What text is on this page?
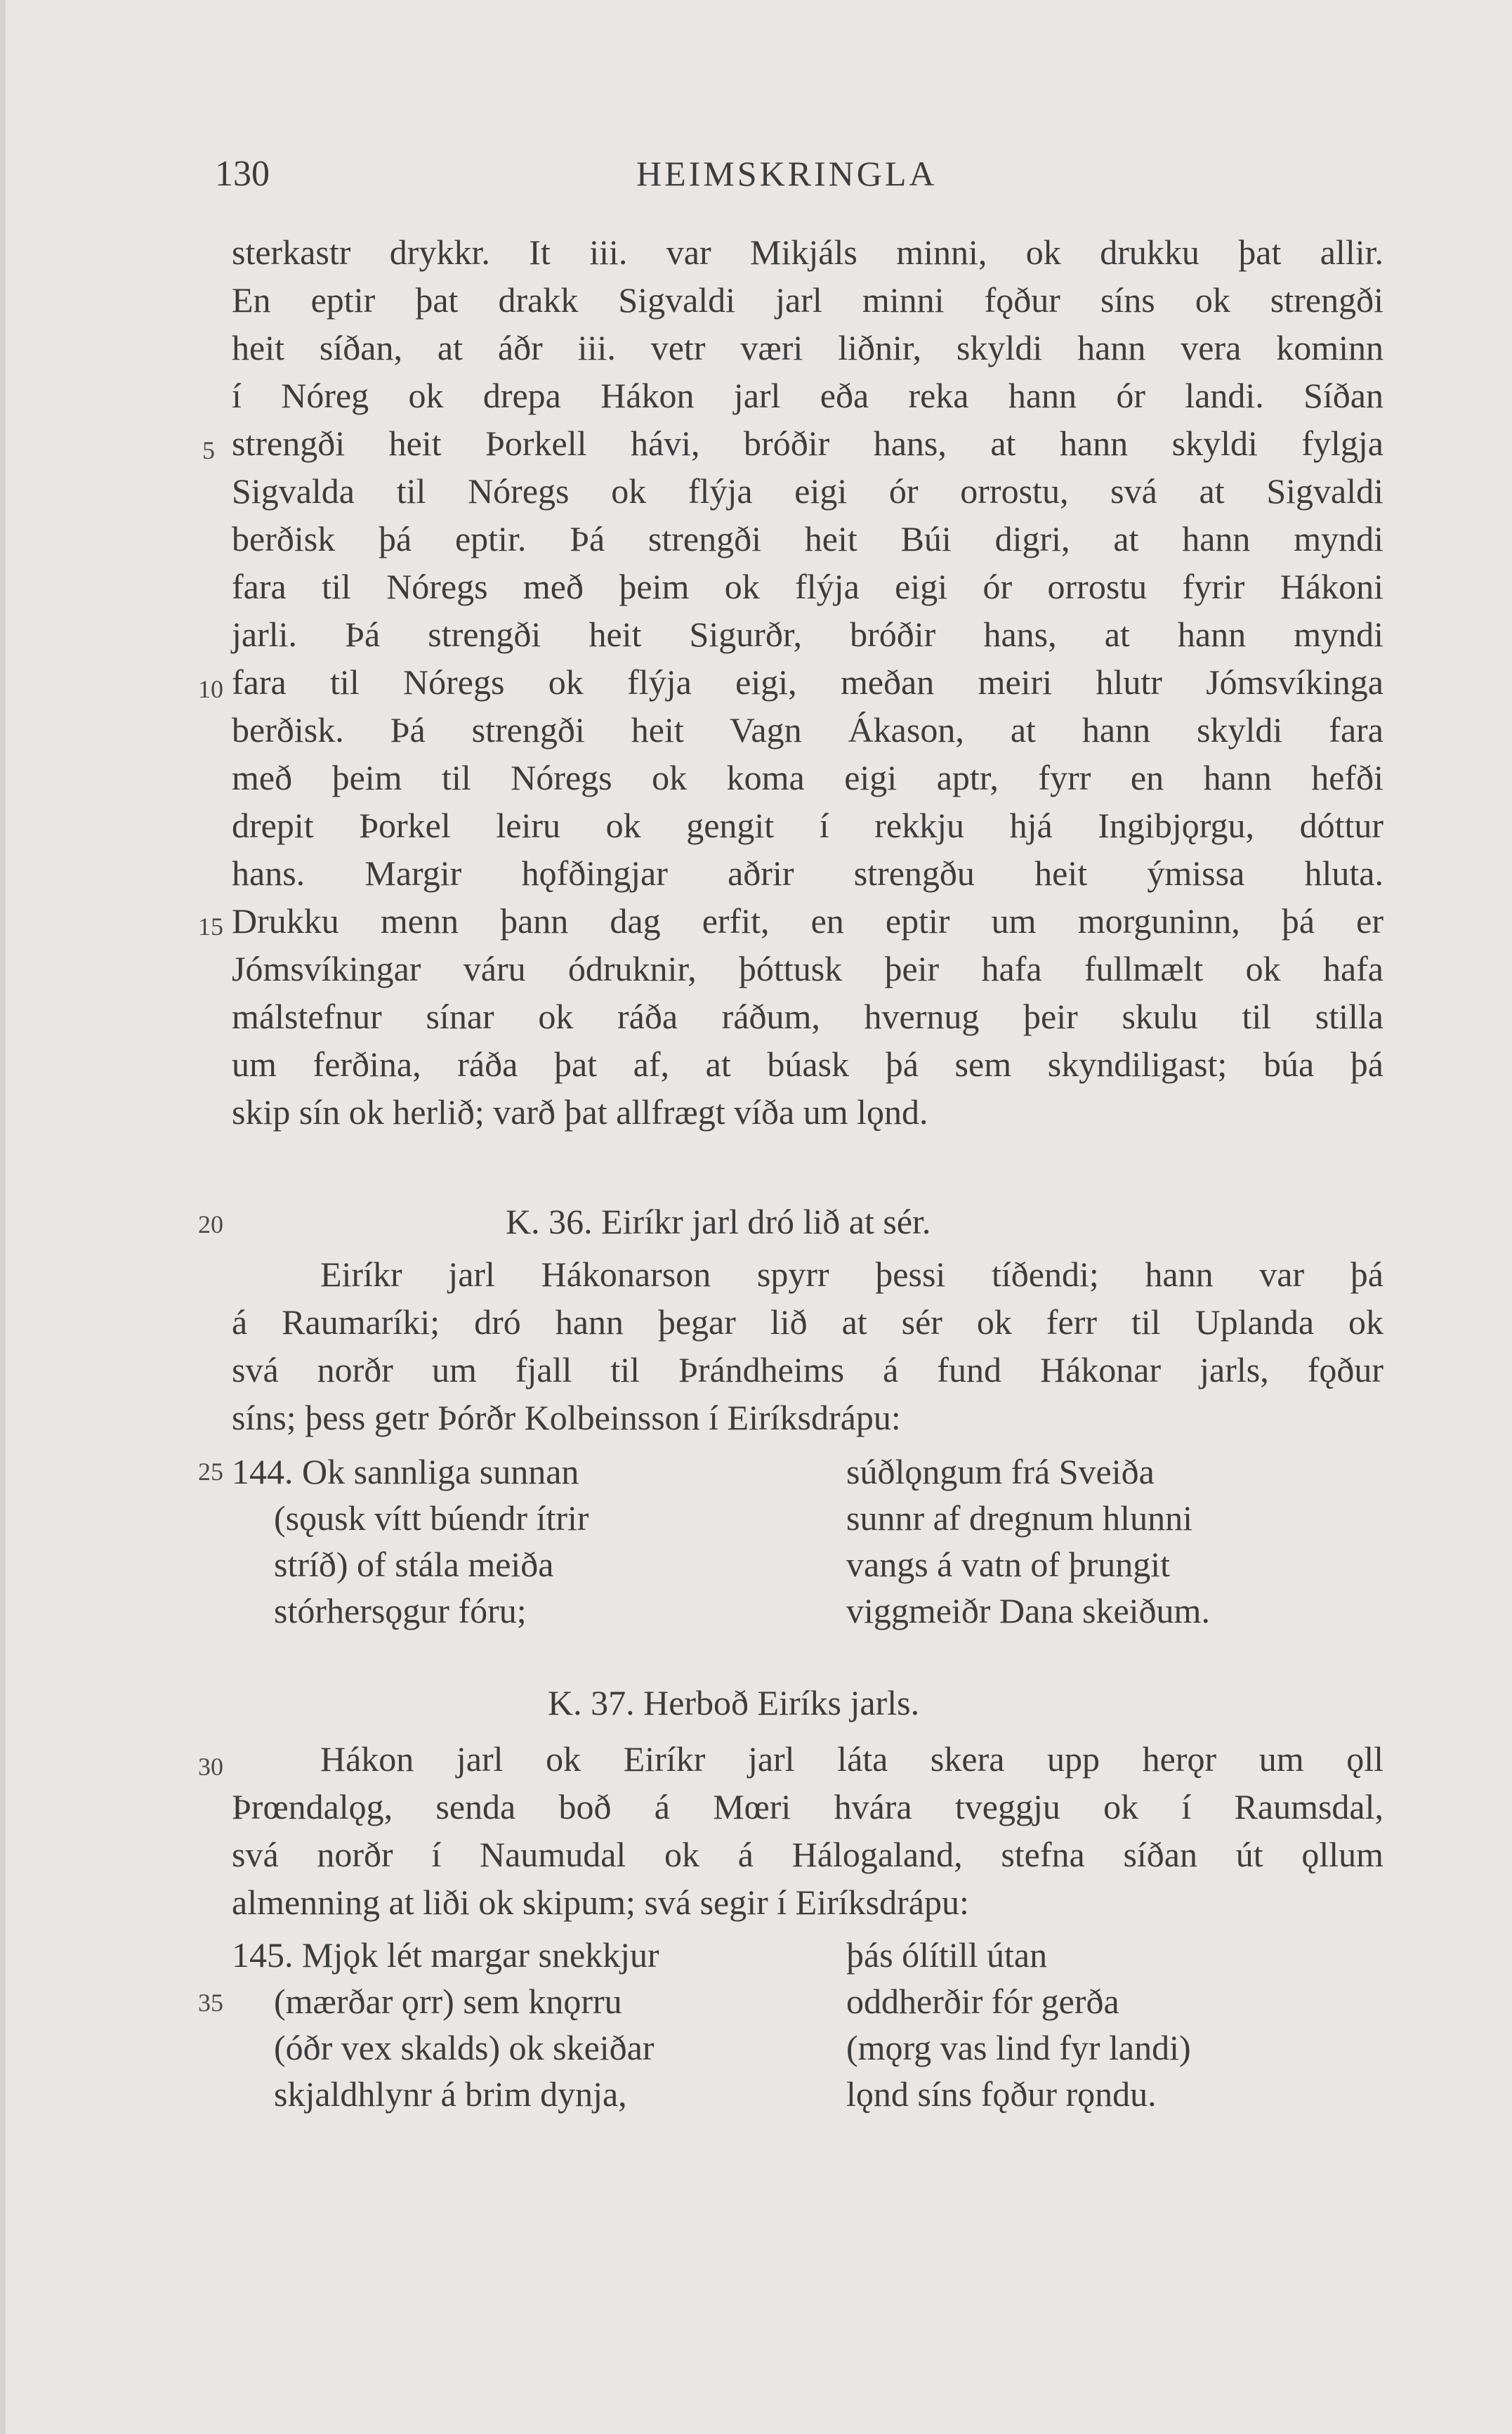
130	HEIMSKRINGLA
sterkastr drykkr. It iii. var Mikjáls minni, ok drukku þat allir.
En eptir þat drakk Sigvaldi jarl minni fǫður síns ok strengði
heit síðan, at áðr iii. vetr væri liðnir, skyldi hann vera kominn
í Nóreg ok drepa Hákon jarl eða reka hann ór landi. Síðan
strengði heit Þorkell hávi, bróðir hans, at hann skyldi fylgja
Sigvalda til Nóregs ok flýja eigi ór orrostu, svá at Sigvaldi
berðisk þá eptir. Þá strengði heit Búi digri, at hann myndi
fara til Nóregs með þeim ok flýja eigi ór orrostu fyrir Hákoni
jarli. Þá strengði heit Sigurðr, bróðir hans, at hann myndi
fara til Nóregs ok flýja eigi, meðan meiri hlutr Jómsvíkinga
berðisk. Þá strengði heit Vagn Ákason, at hann skyldi fara
með þeim til Nóregs ok koma eigi aptr, fyrr en hann hefði
drepit Þorkel leiru ok gengit í rekkju hjá Ingibjǫrgu, dóttur
hans. Margir hǫfðingjar aðrir strengðu heit ýmissa hluta.
Drukku menn þann dag erfit, en eptir um morguninn, þá er
Jómsvíkingar váru ódruknir, þóttusk þeir hafa fullmælt ok hafa
málstefnur sínar ok ráða ráðum, hvernug þeir skulu til stilla
um ferðina, ráða þat af, at búask þá sem skyndiligast; búa þá
skip sín ok herlið; varð þat allfrægt víða um lǫnd.
K. 36. Eiríkr jarl dró lið at sér.
Eiríkr jarl Hákonarson spyrr þessi tíðendi; hann var þá
á Raumaríki; dró hann þegar lið at sér ok ferr til Uplanda ok
svá norðr um fjall til Þrándheims á fund Hákonar jarls, fǫður
síns; þess getr Þórðr Kolbeinsson í Eiríksdrápu:
144. Ok sannliga sunnan
(sǫusk vítt búendr ítrir
stríð) of stála meiða
stórhersǫgur fóru;
súðlǫngum frá Sveiða
sunnr af dregnum hlunni
vangs á vatn of þrungit
viggmeiðr Dana skeiðum.
K. 37. Herboð Eiríks jarls.
Hákon jarl ok Eiríkr jarl láta skera upp herǫr um ǫll
Þrœndalǫg, senda boð á Mœri hvára tveggju ok í Raumsdal,
svá norðr í Naumudal ok á Hálogaland, stefna síðan út ǫllum
almenning at liði ok skipum; svá segir í Eiríksdrápu:
145. Mjǫk lét margar snekkjur
(mærðar ǫrr) sem knǫrru
(óðr vex skalds) ok skeiðar
skjaldhlynr á brim dynja,
þás ólítill útan
oddherðir fór gerða
(mǫrg vas lind fyr landi)
lǫnd síns fǫður rǫndu.
5
10
15
20
25
30
35
